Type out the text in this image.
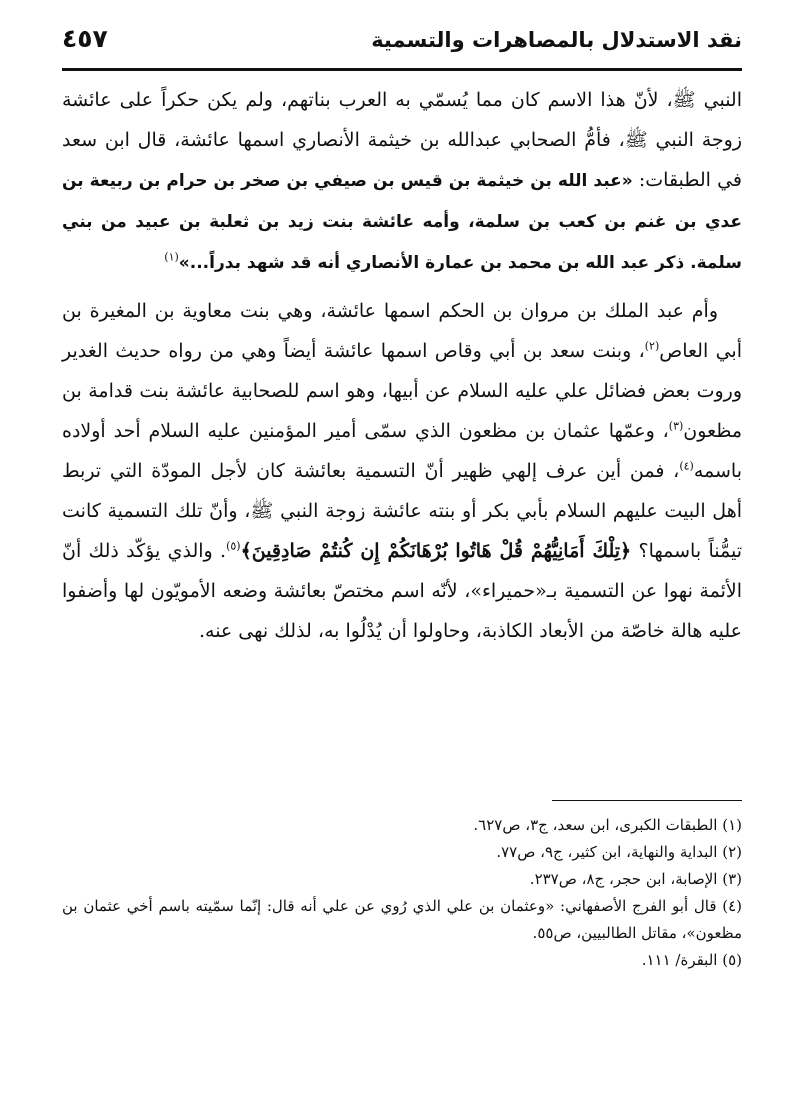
نقد الاستدلال بالمصاهرات والتسمية
٤٥٧

النبي ﷺ، لأنّ هذا الاسم كان مما يُسمّي به العرب بناتهم، ولم يكن حكراً على عائشة زوجة النبي ﷺ، فأمُّ الصحابي عبدالله بن خيثمة الأنصاري اسمها عائشة، قال ابن سعد في الطبقات: «عبد الله بن خيثمة بن قيس بن صيفي بن صخر بن حرام بن ربيعة بن عدي بن غنم بن كعب بن سلمة، وأمه عائشة بنت زيد بن ثعلبة بن عبيد من بني سلمة. ذكر عبد الله بن محمد بن عمارة الأنصاري أنه قد شهد بدراً...»$^{(١)}$

وأم عبد الملك بن مروان بن الحكم اسمها عائشة، وهي بنت معاوية بن المغيرة بن أبي العاص$^{(٢)}$، وبنت سعد بن أبي وقاص اسمها عائشة أيضاً وهي من رواه حديث الغدير وروت بعض فضائل علي عليه السلام عن أبيها، وهو اسم للصحابية عائشة بنت قدامة بن مظعون$^{(٣)}$، وعمّها عثمان بن مظعون الذي سمّى أمير المؤمنين عليه السلام أحد أولاده باسمه$^{(٤)}$، فمن أين عرف إلهي ظهير أنّ التسمية بعائشة كان لأجل المودّة التي تربط أهل البيت عليهم السلام بأبي بكر أو بنته عائشة زوجة النبي ﷺ، وأنّ تلك التسمية كانت تيمُّناً باسمها؟ ﴿تِلْكَ أَمَانِيُّهُمْ قُلْ هَاتُوا بُرْهَانَكُمْ إِن كُنتُمْ صَادِقِينَ﴾$^{(٥)}$. والذي يؤكّد ذلك أنّ الأئمة نهوا عن التسمية بـ«حميراء»، لأنّه اسم مختصّ بعائشة وضعه الأمويّون لها وأضفوا عليه هالة خاصّة من الأبعاد الكاذبة، وحاولوا أن يُدْلُوا به، لذلك نهى عنه.

(١) الطبقات الكبرى، ابن سعد، ج٣، ص٦٢٧.

(٢) البداية والنهاية، ابن كثير، ج٩، ص٧٧.

(٣) الإصابة، ابن حجر، ج٨، ص٢٣٧.

(٤) قال أبو الفرج الأصفهاني: «وعثمان بن علي الذي رُوي عن علي أنه قال: إنّما سمّيته باسم أخي عثمان بن مظعون»، مقاتل الطالبيين، ص٥٥.

(٥) البقرة/ ١١١.
